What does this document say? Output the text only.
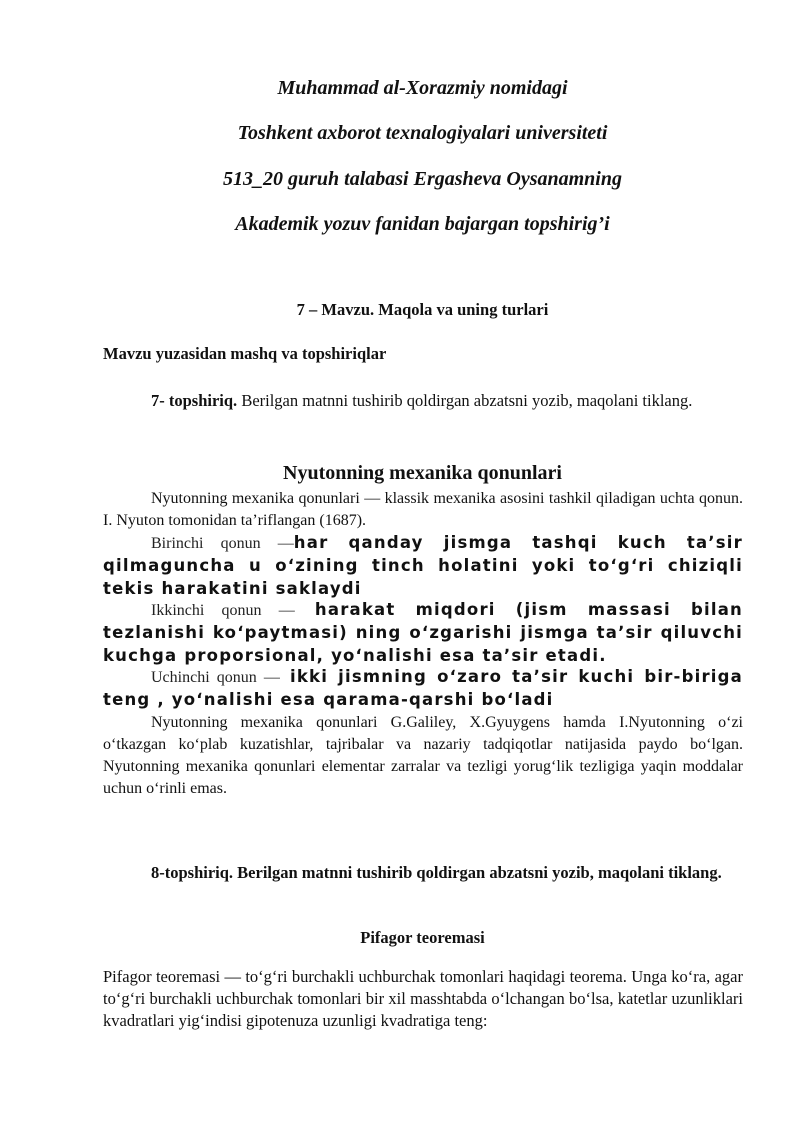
Muhammad al-Xorazmiy nomidagi
Toshkent axborot texnalogiyalari universiteti
513_20 guruh talabasi Ergasheva Oysanamning
Akademik yozuv fanidan bajargan topshirig’i
7 – Mavzu. Maqola va uning turlari
Mavzu yuzasidan mashq va topshiriqlar
7- topshiriq. Berilgan matnni tushirib qoldirgan abzatsni yozib, maqolani tiklang.
Nyutonning mexanika qonunlari
Nyutonning mexanika qonunlari — klassik mexanika asosini tashkil qiladigan uchta qonun. I. Nyuton tomonidan ta’riflangan (1687).
Birinchi qonun —har qanday jismga tashqi kuch taʼsir qilmaguncha u oʻzining tinch holatini yoki toʻgʻri chiziqli tekis harakatini saklaydi
Ikkinchi qonun — harakat miqdori (jism massasi bilan tezlanishi koʻpaytmasi) ning oʻzgarishi jismga taʼsir qiluvchi kuchga proporsional, yoʻnalishi esa taʼsir etadi.
Uchinchi qonun — ikki jismning oʻzaro taʼsir kuchi bir-biriga teng , yoʻnalishi esa qarama-qarshi boʻladi
Nyutonning mexanika qonunlari G.Galiley, X.Gyuygens hamda I.Nyutonning o‘zi o‘tkazgan ko‘plab kuzatishlar, tajribalar va nazariy tadqiqotlar natijasida paydo bo‘lgan. Nyutonning mexanika qonunlari elementar zarralar va tezligi yorug‘lik tezligiga yaqin moddalar uchun o‘rinli emas.
8-topshiriq. Berilgan matnni tushirib qoldirgan abzatsni yozib, maqolani tiklang.
Pifagor teoremasi
Pifagor teoremasi — to‘g‘ri burchakli uchburchak tomonlari haqidagi teorema. Unga ko‘ra, agar to‘g‘ri burchakli uchburchak tomonlari bir xil masshtabda o‘lchangan bo‘lsa, katetlar uzunliklari kvadratlari yig‘indisi gipotenuza uzunligi kvadratiga teng:
